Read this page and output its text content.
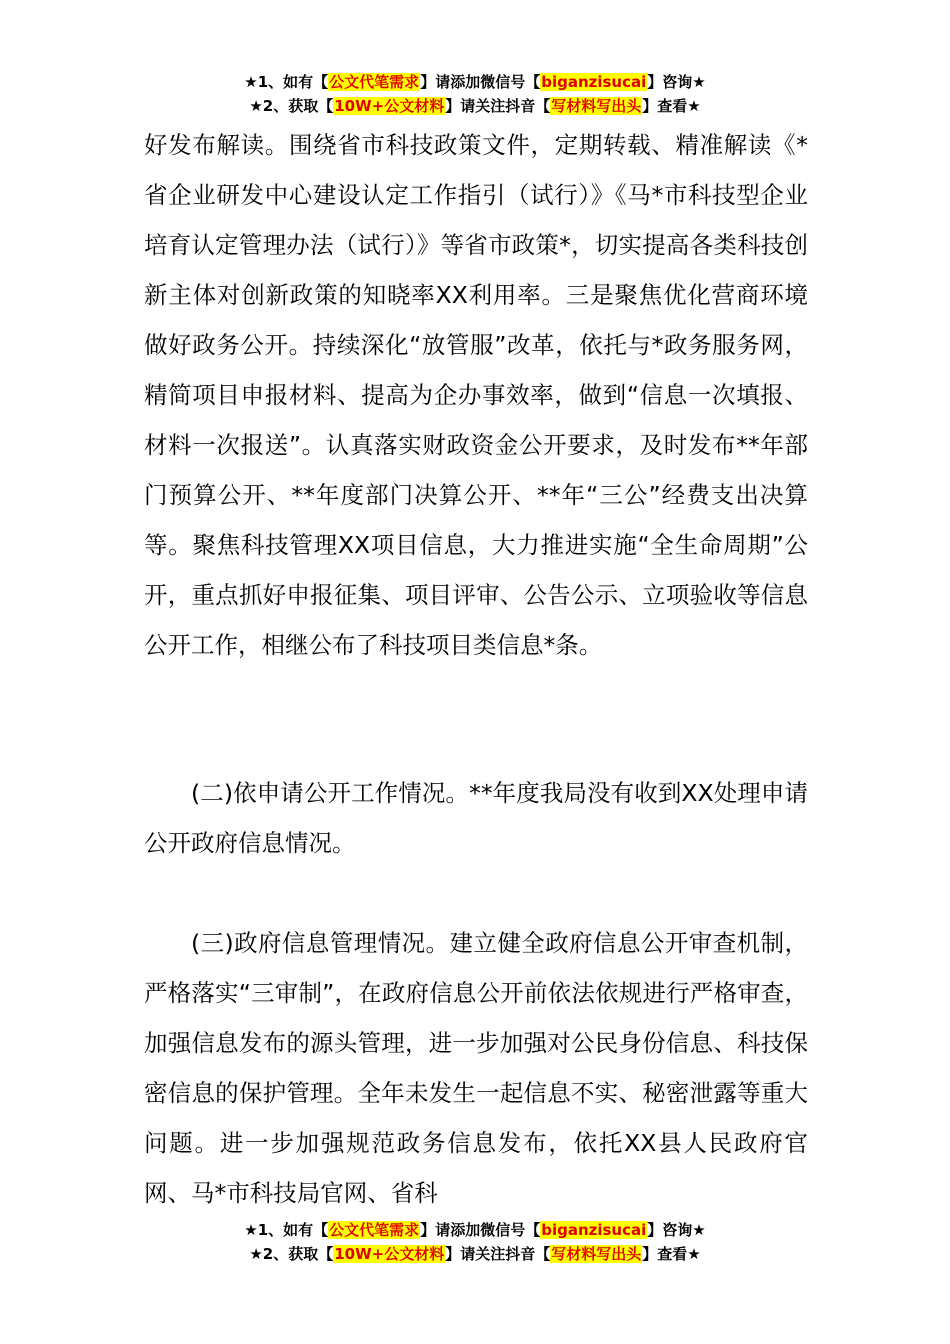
★1、如有【公文代笔需求】请添加微信号【biganzisucai】咨询★
★2、获取【10W+公文材料】请关注抖音【写材料写出头】查看★

好发布解读。围绕省市科技政策文件，定期转载、精准解读《*省企业研发中心建设认定工作指引（试行）》《马*市科技型企业培育认定管理办法（试行）》等省市政策*，切实提高各类科技创新主体对创新政策的知晓率XX利用率。三是聚焦优化营商环境做好政务公开。持续深化“放管服”改革，依托与*政务服务网，精简项目申报材料、提高为企办事效率，做到“信息一次填报、材料一次报送”。认真落实财政资金公开要求，及时发布**年部门预算公开、**年度部门决算公开、**年“三公”经费支出决算等。聚焦科技管理XX项目信息，大力推进实施“全生命周期”公开，重点抓好申报征集、项目评审、公告公示、立项验收等信息公开工作，相继公布了科技项目类信息*条。

(二)依申请公开工作情况。**年度我局没有收到XX处理申请公开政府信息情况。

(三)政府信息管理情况。建立健全政府信息公开审查机制，严格落实“三审制”，在政府信息公开前依法依规进行严格审查，加强信息发布的源头管理，进一步加强对公民身份信息、科技保密信息的保护管理。全年未发生一起信息不实、秘密泄露等重大问题。进一步加强规范政务信息发布，依托XX县人民政府官网、马*市科技局官网、省科

★1、如有【公文代笔需求】请添加微信号【biganzisucai】咨询★
★2、获取【10W+公文材料】请关注抖音【写材料写出头】查看★
